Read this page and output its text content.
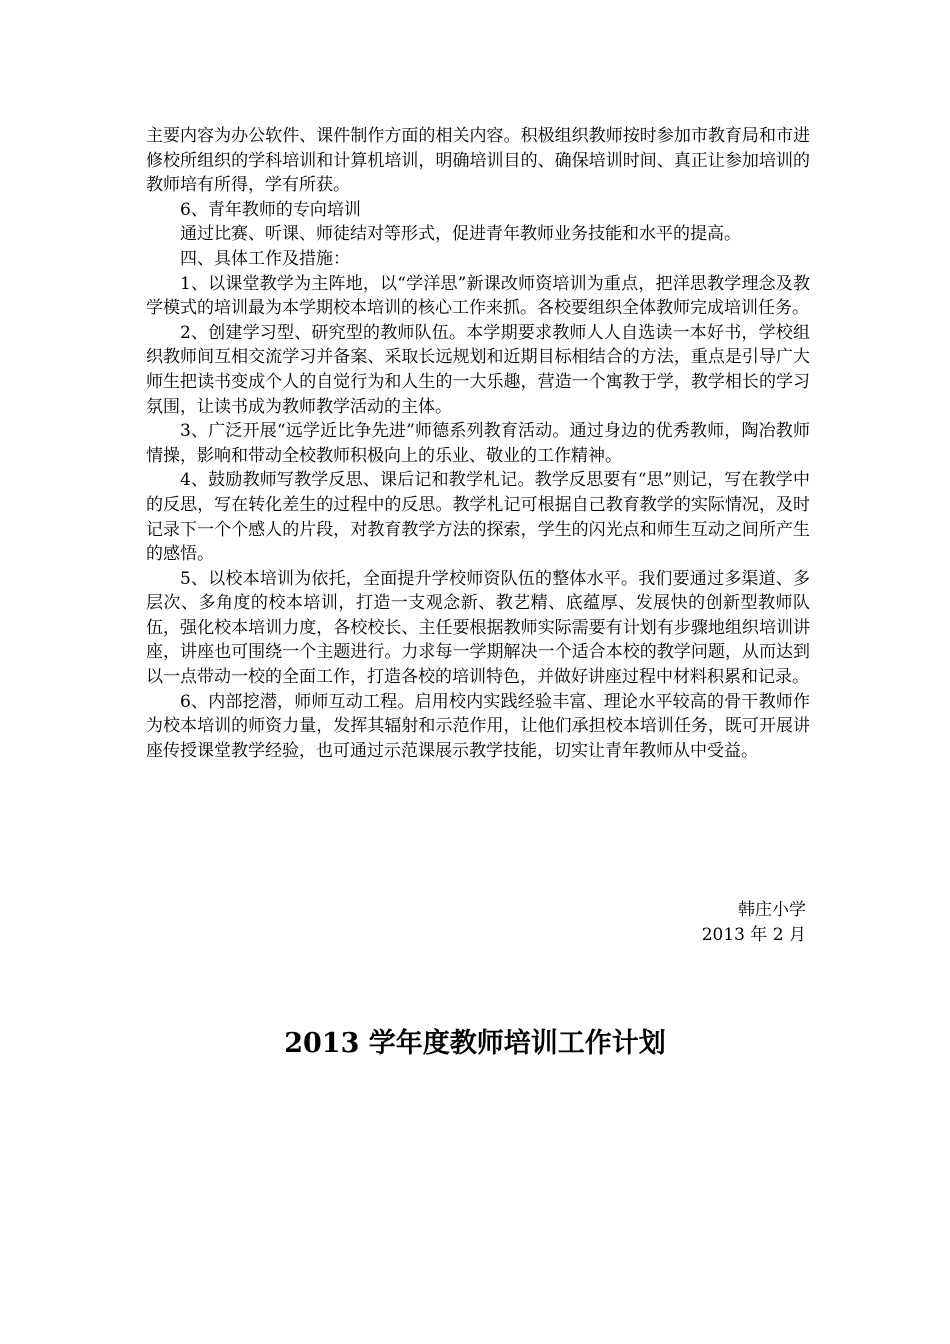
主要内容为办公软件、课件制作方面的相关内容。积极组织教师按时参加市教育局和市进修校所组织的学科培训和计算机培训，明确培训目的、确保培训时间、真正让参加培训的教师培有所得，学有所获。

6、青年教师的专向培训

通过比赛、听课、师徒结对等形式，促进青年教师业务技能和水平的提高。

四、具体工作及措施：

1、以课堂教学为主阵地，以“学洋思”新课改师资培训为重点，把洋思教学理念及教学模式的培训最为本学期校本培训的核心工作来抓。各校要组织全体教师完成培训任务。

2、创建学习型、研究型的教师队伍。本学期要求教师人人自选读一本好书，学校组织教师间互相交流学习并备案、采取长远规划和近期目标相结合的方法，重点是引导广大师生把读书变成个人的自觉行为和人生的一大乐趣，营造一个寓教于学，教学相长的学习氛围，让读书成为教师教学活动的主体。

3、广泛开展“远学近比争先进”师德系列教育活动。通过身边的优秀教师，陶冶教师情操，影响和带动全校教师积极向上的乐业、敬业的工作精神。

4、鼓励教师写教学反思、课后记和教学札记。教学反思要有“思”则记，写在教学中的反思，写在转化差生的过程中的反思。教学札记可根据自己教育教学的实际情况，及时记录下一个个感人的片段，对教育教学方法的探索，学生的闪光点和师生互动之间所产生的感悟。

5、以校本培训为依托，全面提升学校师资队伍的整体水平。我们要通过多渠道、多层次、多角度的校本培训，打造一支观念新、教艺精、底蕴厚、发展快的创新型教师队伍，强化校本培训力度，各校校长、主任要根据教师实际需要有计划有步骤地组织培训讲座，讲座也可围绕一个主题进行。力求每一学期解决一个适合本校的教学问题，从而达到以一点带动一校的全面工作，打造各校的培训特色，并做好讲座过程中材料积累和记录。

6、内部挖潜，师师互动工程。启用校内实践经验丰富、理论水平较高的骨干教师作为校本培训的师资力量，发挥其辐射和示范作用，让他们承担校本培训任务，既可开展讲座传授课堂教学经验，也可通过示范课展示教学技能，切实让青年教师从中受益。

韩庄小学
2013 年 2 月
2013 学年度教师培训工作计划
